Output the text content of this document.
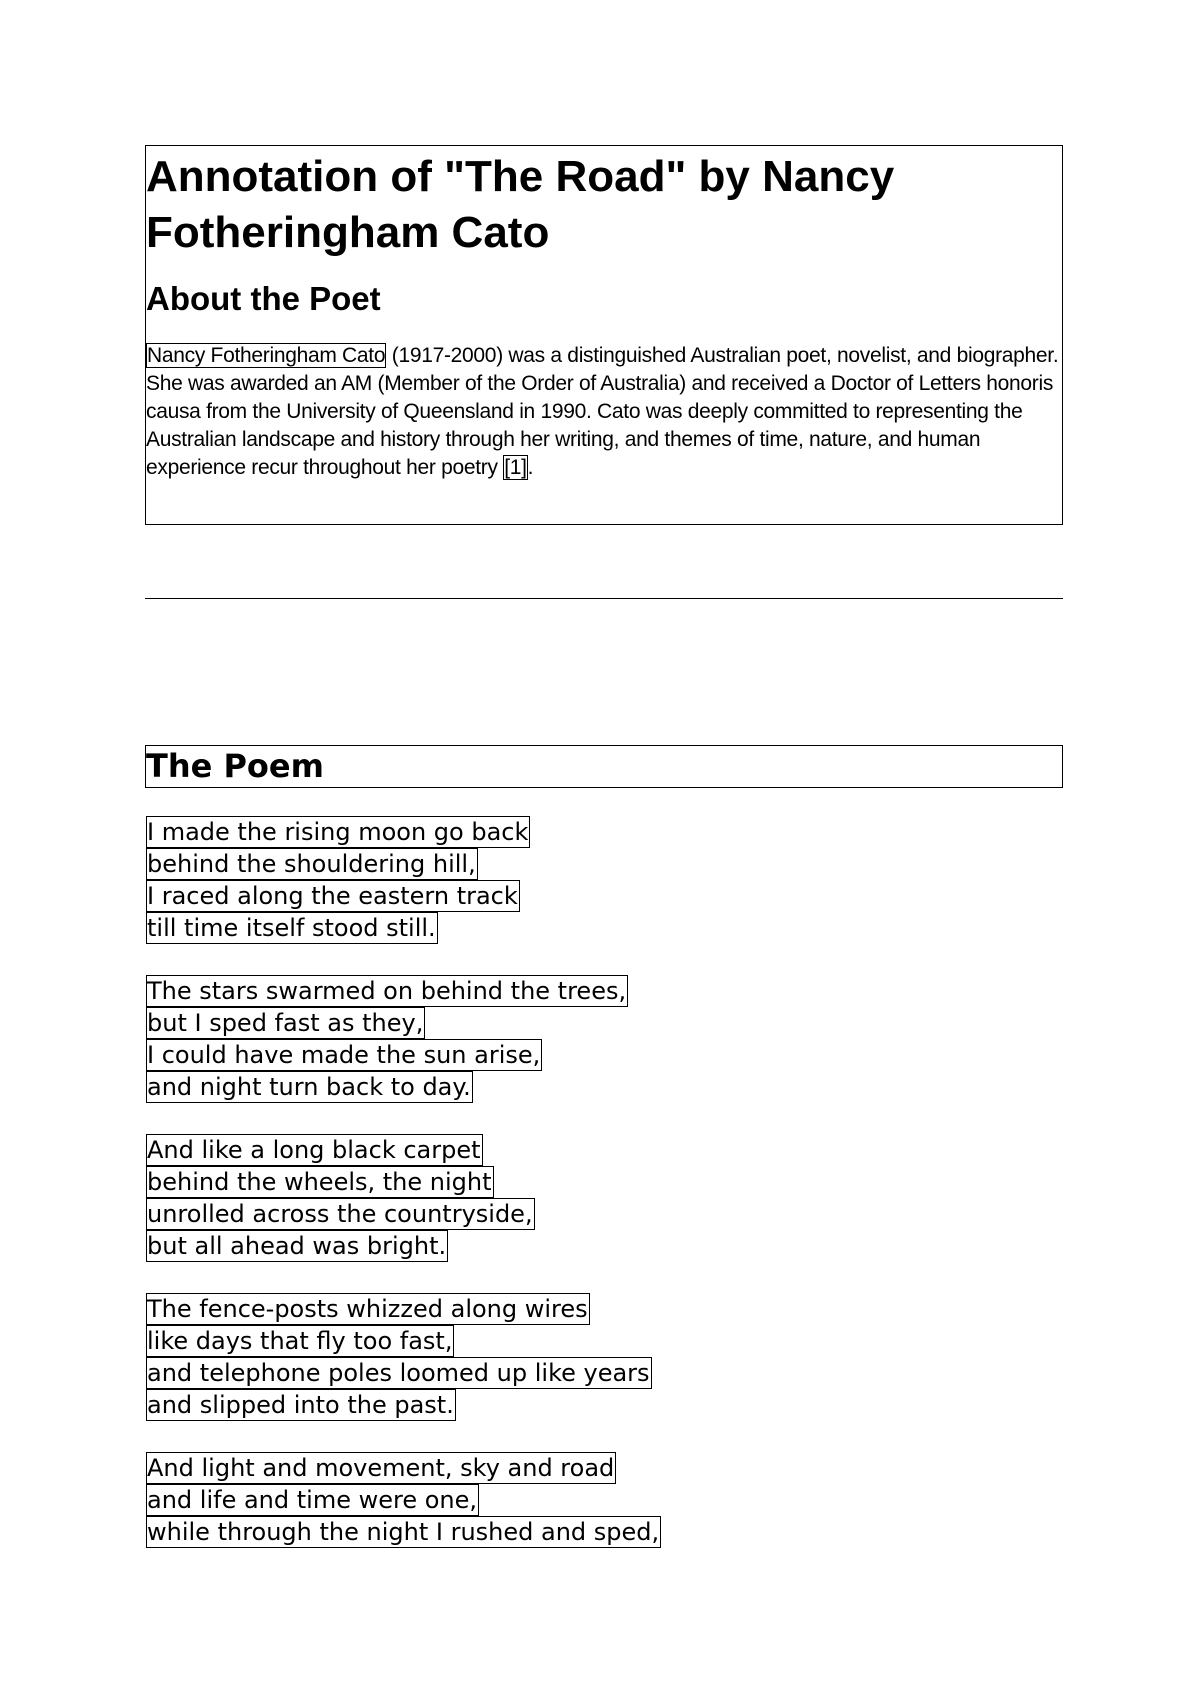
Annotation of "The Road" by Nancy Fotheringham Cato
About the Poet

Nancy Fotheringham Cato (1917-2000) was a distinguished Australian poet, novelist, and biographer. She was awarded an AM (Member of the Order of Australia) and received a Doctor of Letters honoris causa from the University of Queensland in 1990. Cato was deeply committed to representing the Australian landscape and history through her writing, and themes of time, nature, and human experience recur throughout her poetry [1].

The Poem
I made the rising moon go back
behind the shouldering hill,
I raced along the eastern track
till time itself stood still.
The stars swarmed on behind the trees,
but I sped fast as they,
I could have made the sun arise,
and night turn back to day.
And like a long black carpet
behind the wheels, the night
unrolled across the countryside,
but all ahead was bright.
The fence-posts whizzed along wires
like days that fly too fast,
and telephone poles loomed up like years
and slipped into the past.
And light and movement, sky and road
and life and time were one,
while through the night I rushed and sped,
